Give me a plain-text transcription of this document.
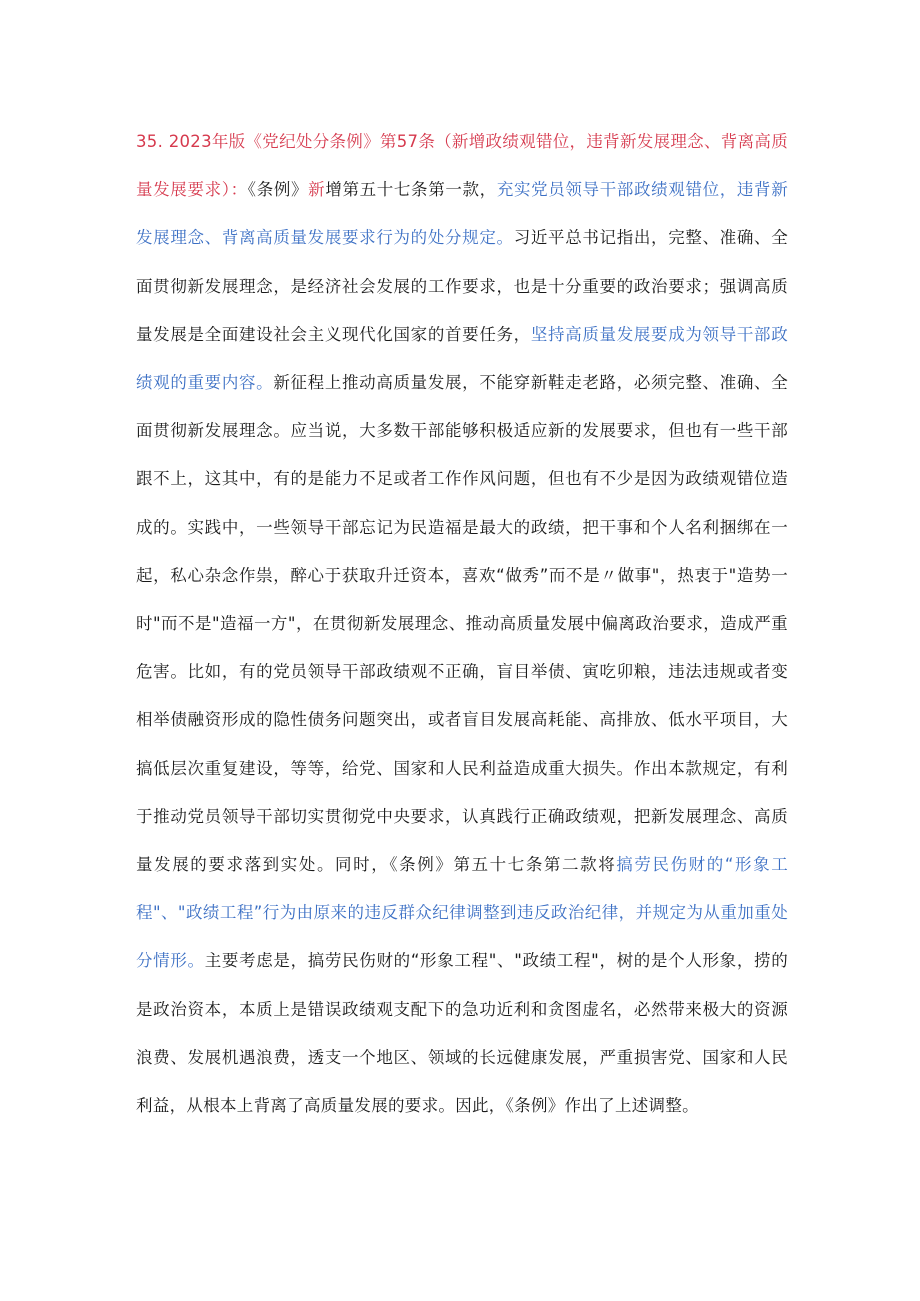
35. 2023年版《党纪处分条例》第57条（新增政绩观错位，违背新发展理念、背离高质量发展要求）：《条例》新增第五十七条第一款，充实党员领导干部政绩观错位，违背新发展理念、背离高质量发展要求行为的处分规定。习近平总书记指出，完整、准确、全面贯彻新发展理念，是经济社会发展的工作要求，也是十分重要的政治要求；强调高质量发展是全面建设社会主义现代化国家的首要任务，坚持高质量发展要成为领导干部政绩观的重要内容。新征程上推动高质量发展，不能穿新鞋走老路，必须完整、准确、全面贯彻新发展理念。应当说，大多数干部能够积极适应新的发展要求，但也有一些干部跟不上，这其中，有的是能力不足或者工作作风问题，但也有不少是因为政绩观错位造成的。实践中，一些领导干部忘记为民造福是最大的政绩，把干事和个人名利捆绑在一起，私心杂念作祟，醉心于获取升迁资本，喜欢“做秀”而不是〃做事"，热衷于"造势一时"而不是"造福一方"，在贯彻新发展理念、推动高质量发展中偏离政治要求，造成严重危害。比如，有的党员领导干部政绩观不正确，盲目举债、寅吃卯粮，违法违规或者变相举债融资形成的隐性债务问题突出，或者盲目发展高耗能、高排放、低水平项目，大搞低层次重复建设，等等，给党、国家和人民利益造成重大损失。作出本款规定，有利于推动党员领导干部切实贯彻党中央要求，认真践行正确政绩观，把新发展理念、高质量发展的要求落到实处。同时，《条例》第五十七条第二款将搞劳民伤财的“形象工程"、"政绩工程”行为由原来的违反群众纪律调整到违反政治纪律，并规定为从重加重处分情形。主要考虑是，搞劳民伤财的“形象工程"、"政绩工程"，树的是个人形象，捞的是政治资本，本质上是错误政绩观支配下的急功近利和贪图虚名，必然带来极大的资源浪费、发展机遇浪费，透支一个地区、领域的长远健康发展，严重损害党、国家和人民利益，从根本上背离了高质量发展的要求。因此，《条例》作出了上述调整。
